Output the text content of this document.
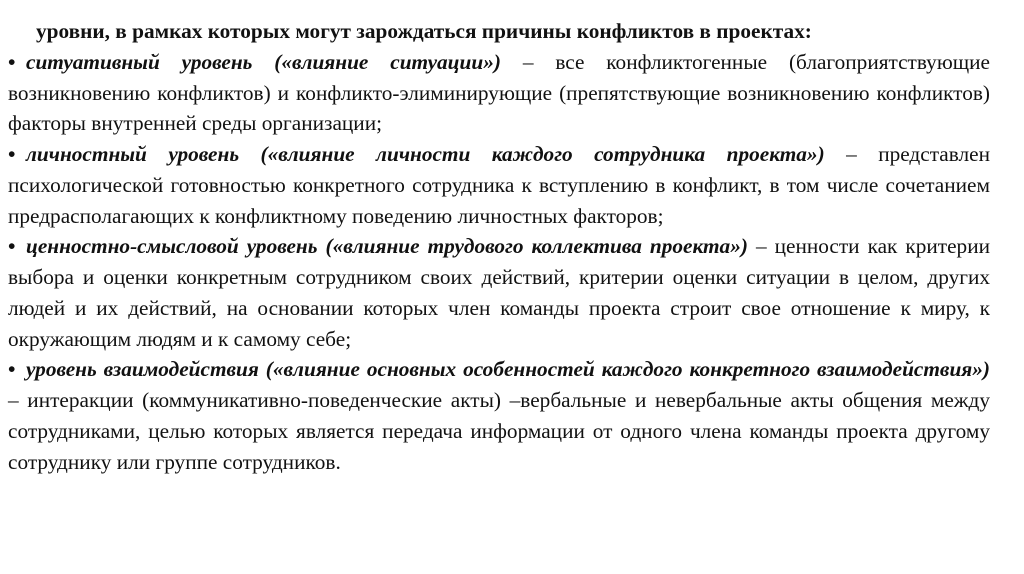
уровни, в рамках которых могут зарождаться причины конфликтов в проектах:

• ситуативный уровень («влияние ситуации») – все конфликтогенные (благоприятствующие возникновению конфликтов) и конфликто-элиминирующие (препятствующие возникновению конфликтов) факторы внутренней среды организации;
• личностный уровень («влияние личности каждого сотрудника проекта») – представлен психологической готовностью конкретного сотрудника к вступлению в конфликт, в том числе сочетанием предрасполагающих к конфликтному поведению личностных факторов;
• ценностно-смысловой уровень («влияние трудового коллектива проекта») – ценности как критерии выбора и оценки конкретным сотрудником своих действий, критерии оценки ситуации в целом, других людей и их действий, на основании которых член команды проекта строит свое отношение к миру, к окружающим людям и к самому себе;
• уровень взаимодействия («влияние основных особенностей каждого конкретного взаимодействия») – интеракции (коммуникативно-поведенческие акты) –вербальные и невербальные акты общения между сотрудниками, целью которых является передача информации от одного члена команды проекта другому сотруднику или группе сотрудников.
